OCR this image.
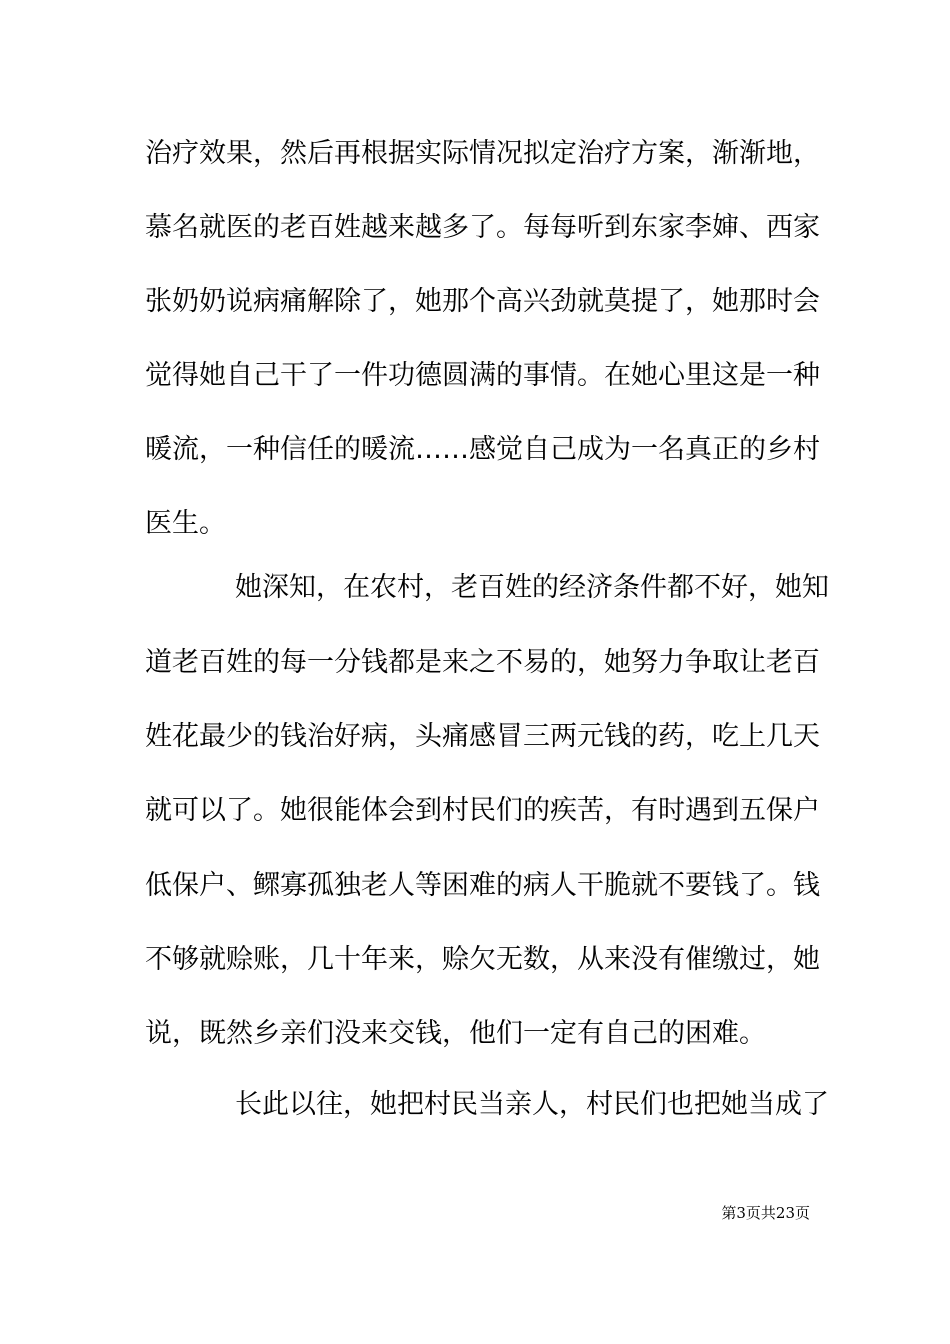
治疗效果，然后再根据实际情况拟定治疗方案，渐渐地，
慕名就医的老百姓越来越多了。每每听到东家李婶、西家
张奶奶说病痛解除了，她那个高兴劲就莫提了，她那时会
觉得她自己干了一件功德圆满的事情。在她心里这是一种
暖流，一种信任的暖流……感觉自己成为一名真正的乡村
医生。
她深知，在农村，老百姓的经济条件都不好，她知
道老百姓的每一分钱都是来之不易的，她努力争取让老百
姓花最少的钱治好病，头痛感冒三两元钱的药，吃上几天
就可以了。她很能体会到村民们的疾苦，有时遇到五保户
低保户、鳏寡孤独老人等困难的病人干脆就不要钱了。钱
不够就赊账，几十年来，赊欠无数，从来没有催缴过，她
说，既然乡亲们没来交钱，他们一定有自己的困难。
长此以往，她把村民当亲人，村民们也把她当成了
第3页共23页
